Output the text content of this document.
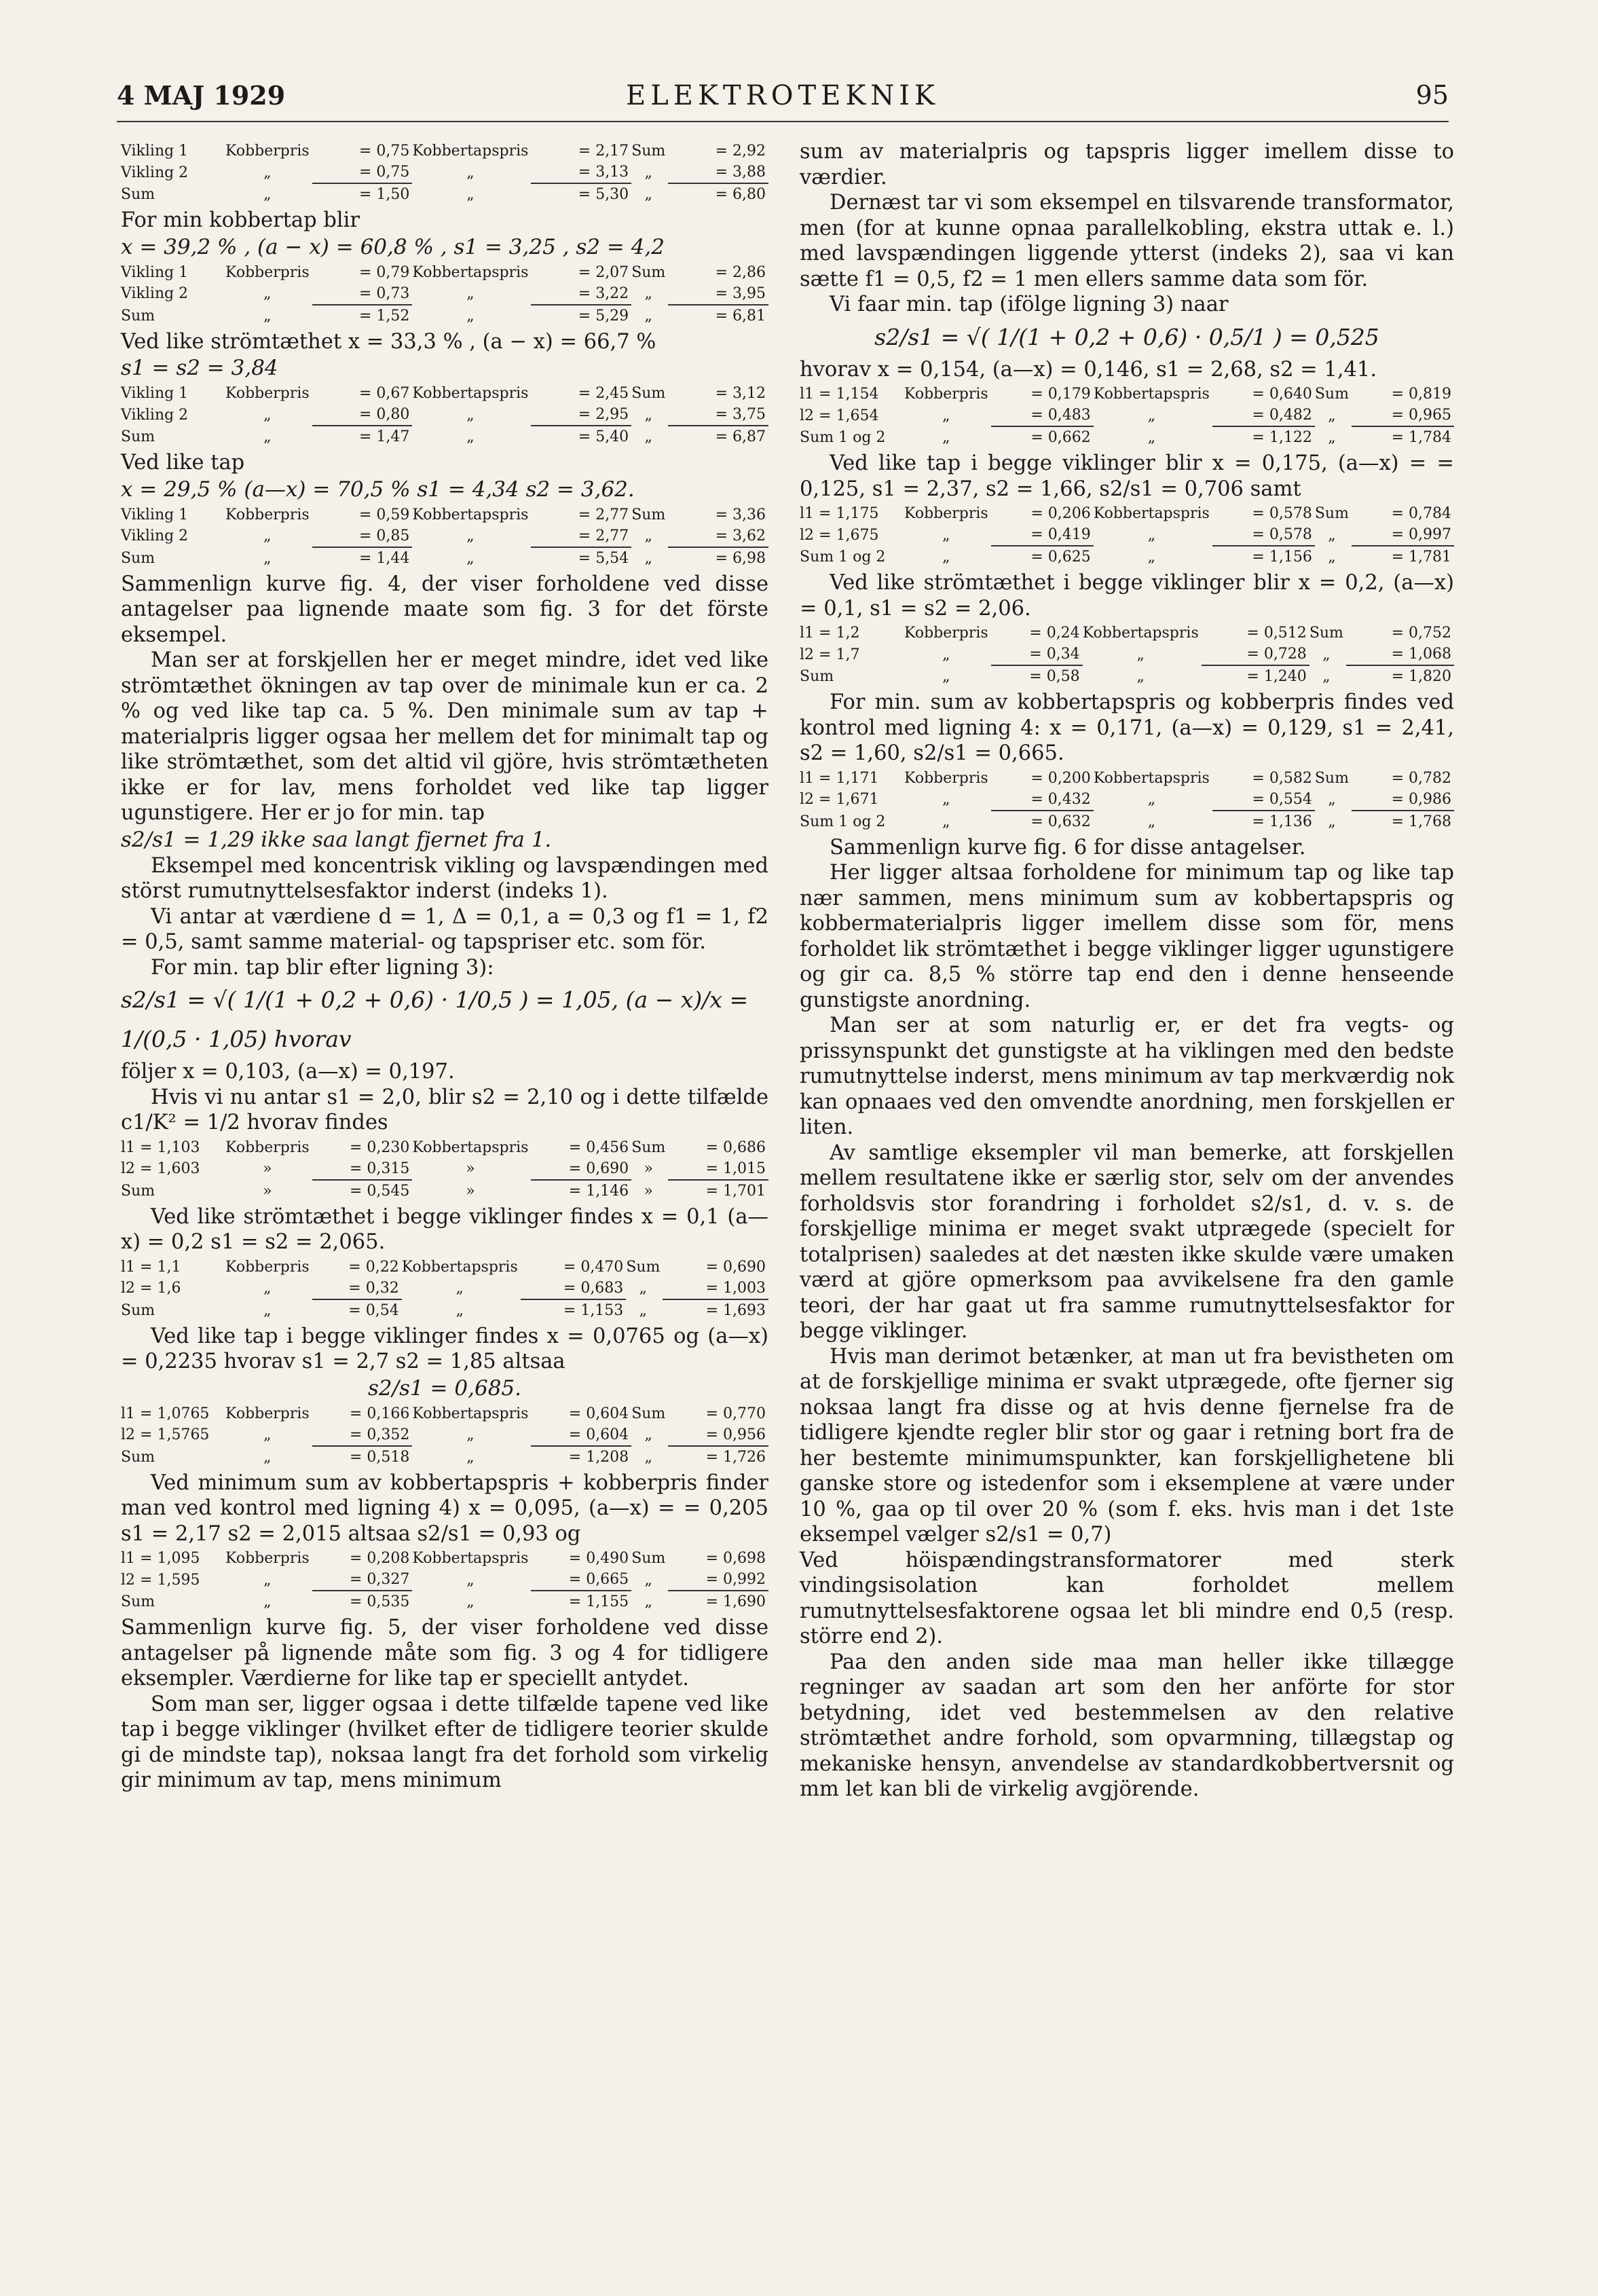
4 MAJ 1929	ELEKTROTEKNIK	95
Vikling 1	Kobberpris	= 0,75	Kobbertapspris	= 2,17	Sum	= 2,92
Vikling 2	„	= 0,75	„	= 3,13	„	= 3,88
Sum	„	= 1,50	„	= 5,30	„	= 6,80

For min kobbertap blir

x = 39,2 % , (a − x) = 60,8 % , s1 = 3,25 , s2 = 4,2

Vikling 1	Kobberpris	= 0,79	Kobbertapspris	= 2,07	Sum	= 2,86
Vikling 2	„	= 0,73	„	= 3,22	„	= 3,95
Sum	„	= 1,52	„	= 5,29	„	= 6,81

Ved like strömtæthet x = 33,3 % , (a − x) = 66,7 %

s1 = s2 = 3,84

Vikling 1	Kobberpris	= 0,67	Kobbertapspris	= 2,45	Sum	= 3,12
Vikling 2	„	= 0,80	„	= 2,95	„	= 3,75
Sum	„	= 1,47	„	= 5,40	„	= 6,87

Ved like tap

x = 29,5 % (a—x) = 70,5 % s1 = 4,34 s2 = 3,62.

Vikling 1	Kobberpris	= 0,59	Kobbertapspris	= 2,77	Sum	= 3,36
Vikling 2	„	= 0,85	„	= 2,77	„	= 3,62
Sum	„	= 1,44	„	= 5,54	„	= 6,98

Sammenlign kurve fig. 4, der viser forholdene ved disse antagelser paa lignende maate som fig. 3 for det förste eksempel.

Man ser at forskjellen her er meget mindre, idet ved like strömtæthet ökningen av tap over de minimale kun er ca. 2 % og ved like tap ca. 5 %. Den minimale sum av tap + materialpris ligger ogsaa her mellem det for minimalt tap og like strömtæthet, som det altid vil gjöre, hvis strömtætheten ikke er for lav, mens forholdet ved like tap ligger ugunstigere. Her er jo for min. tap

s2/s1 = 1,29 ikke saa langt fjernet fra 1.

Eksempel med koncentrisk vikling og lavspændingen med störst rumutnyttelsesfaktor inderst (indeks 1).

Vi antar at værdiene d = 1, Δ = 0,1, a = 0,3 og f1 = 1, f2 = 0,5, samt samme material- og tapspriser etc. som för.

For min. tap blir efter ligning 3):

s2/s1 = √( 1/(1 + 0,2 + 0,6) · 1/0,5 ) = 1,05, (a − x)/x = 1/(0,5 · 1,05) hvorav

följer x = 0,103, (a—x) = 0,197.

Hvis vi nu antar s1 = 2,0, blir s2 = 2,10 og i dette tilfælde c1/K² = 1/2 hvorav findes

l1 = 1,103	Kobberpris	= 0,230	Kobbertapspris	= 0,456	Sum	= 0,686
l2 = 1,603	»	= 0,315	»	= 0,690	»	= 1,015
Sum	»	= 0,545	»	= 1,146	»	= 1,701

Ved like strömtæthet i begge viklinger findes x = 0,1 (a—x) = 0,2 s1 = s2 = 2,065.

l1 = 1,1	Kobberpris	= 0,22	Kobbertapspris	= 0,470	Sum	= 0,690
l2 = 1,6	„	= 0,32	„	= 0,683	„	= 1,003
Sum	„	= 0,54	„	= 1,153	„	= 1,693

Ved like tap i begge viklinger findes x = 0,0765 og (a—x) = 0,2235 hvorav s1 = 2,7 s2 = 1,85 altsaa

s2/s1 = 0,685.

l1 = 1,0765	Kobberpris	= 0,166	Kobbertapspris	= 0,604	Sum	= 0,770
l2 = 1,5765	„	= 0,352	„	= 0,604	„	= 0,956
Sum	„	= 0,518	„	= 1,208	„	= 1,726

Ved minimum sum av kobbertapspris + kobberpris finder man ved kontrol med ligning 4) x = 0,095, (a—x) = = 0,205 s1 = 2,17 s2 = 2,015 altsaa s2/s1 = 0,93 og

l1 = 1,095	Kobberpris	= 0,208	Kobbertapspris	= 0,490	Sum	= 0,698
l2 = 1,595	„	= 0,327	„	= 0,665	„	= 0,992
Sum	„	= 0,535	„	= 1,155	„	= 1,690

Sammenlign kurve fig. 5, der viser forholdene ved disse antagelser på lignende måte som fig. 3 og 4 for tidligere eksempler. Værdierne for like tap er speciellt antydet.

Som man ser, ligger ogsaa i dette tilfælde tapene ved like tap i begge viklinger (hvilket efter de tidligere teorier skulde gi de mindste tap), noksaa langt fra det forhold som virkelig gir minimum av tap, mens minimum

sum av materialpris og tapspris ligger imellem disse to værdier.

Dernæst tar vi som eksempel en tilsvarende transformator, men (for at kunne opnaa parallelkobling, ekstra uttak e. l.) med lavspændingen liggende ytterst (indeks 2), saa vi kan sætte f1 = 0,5, f2 = 1 men ellers samme data som för.

Vi faar min. tap (ifölge ligning 3) naar

s2/s1 = √( 1/(1 + 0,2 + 0,6) · 0,5/1 ) = 0,525

hvorav x = 0,154, (a—x) = 0,146, s1 = 2,68, s2 = 1,41.

l1 = 1,154	Kobberpris	= 0,179	Kobbertapspris	= 0,640	Sum	= 0,819
l2 = 1,654	„	= 0,483	„	= 0,482	„	= 0,965
Sum 1 og 2	„	= 0,662	„	= 1,122	„	= 1,784

Ved like tap i begge viklinger blir x = 0,175, (a—x) = = 0,125, s1 = 2,37, s2 = 1,66, s2/s1 = 0,706 samt

l1 = 1,175	Kobberpris	= 0,206	Kobbertapspris	= 0,578	Sum	= 0,784
l2 = 1,675	„	= 0,419	„	= 0,578	„	= 0,997
Sum 1 og 2	„	= 0,625	„	= 1,156	„	= 1,781

Ved like strömtæthet i begge viklinger blir x = 0,2, (a—x) = 0,1, s1 = s2 = 2,06.

l1 = 1,2	Kobberpris	= 0,24	Kobbertapspris	= 0,512	Sum	= 0,752
l2 = 1,7	„	= 0,34	„	= 0,728	„	= 1,068
Sum	„	= 0,58	„	= 1,240	„	= 1,820

For min. sum av kobbertapspris og kobberpris findes ved kontrol med ligning 4: x = 0,171, (a—x) = 0,129, s1 = 2,41, s2 = 1,60, s2/s1 = 0,665.

l1 = 1,171	Kobberpris	= 0,200	Kobbertapspris	= 0,582	Sum	= 0,782
l2 = 1,671	„	= 0,432	„	= 0,554	„	= 0,986
Sum 1 og 2	„	= 0,632	„	= 1,136	„	= 1,768

Sammenlign kurve fig. 6 for disse antagelser.

Her ligger altsaa forholdene for minimum tap og like tap nær sammen, mens minimum sum av kobbertapspris og kobbermaterialpris ligger imellem disse som för, mens forholdet lik strömtæthet i begge viklinger ligger ugunstigere og gir ca. 8,5 % större tap end den i denne henseende gunstigste anordning.

Man ser at som naturlig er, er det fra vegts- og prissynspunkt det gunstigste at ha viklingen med den bedste rumutnyttelse inderst, mens minimum av tap merkværdig nok kan opnaaes ved den omvendte anordning, men forskjellen er liten.

Av samtlige eksempler vil man bemerke, att forskjellen mellem resultatene ikke er særlig stor, selv om der anvendes forholdsvis stor forandring i forholdet s2/s1, d. v. s. de forskjellige minima er meget svakt utprægede (specielt for totalprisen) saaledes at det næsten ikke skulde være umaken værd at gjöre opmerksom paa avvikelsene fra den gamle teori, der har gaat ut fra samme rumutnyttelsesfaktor for begge viklinger.

Hvis man derimot betænker, at man ut fra bevistheten om at de forskjellige minima er svakt utprægede, ofte fjerner sig noksaa langt fra disse og at hvis denne fjernelse fra de tidligere kjendte regler blir stor og gaar i retning bort fra de her bestemte minimumspunkter, kan forskjellighetene bli ganske store og istedenfor som i eksemplene at være under 10 %, gaa op til over 20 % (som f. eks. hvis man i det 1ste eksempel vælger s2/s1 = 0,7)

Ved höispændingstransformatorer med sterk vindingsisolation kan forholdet mellem rumutnyttelsesfaktorene ogsaa let bli mindre end 0,5 (resp. större end 2).

Paa den anden side maa man heller ikke tillægge regninger av saadan art som den her anförte for stor betydning, idet ved bestemmelsen av den relative strömtæthet andre forhold, som opvarmning, tillægstap og mekaniske hensyn, anvendelse av standardkobbertversnit og mm let kan bli de virkelig avgjörende.
